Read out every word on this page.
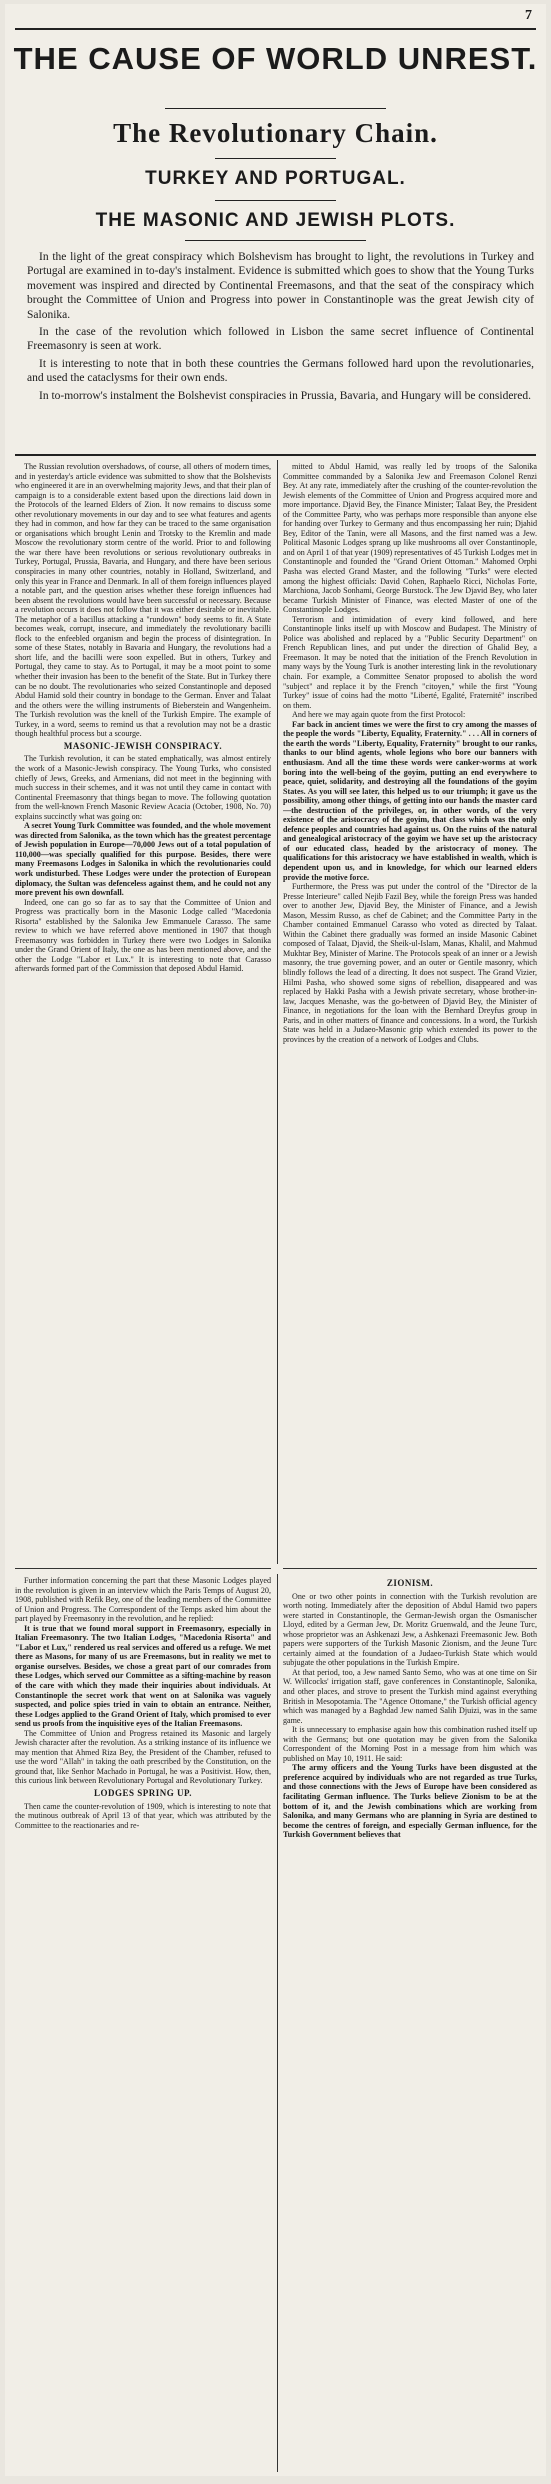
7
THE CAUSE OF WORLD UNREST.
The Revolutionary Chain.
TURKEY AND PORTUGAL.
THE MASONIC AND JEWISH PLOTS.

In the light of the great conspiracy which Bolshevism has brought to light, the revolutions in Turkey and Portugal are examined in to-day's instalment. Evidence is submitted which goes to show that the Young Turks movement was inspired and directed by Continental Freemasons, and that the seat of the conspiracy which brought the Committee of Union and Progress into power in Constantinople was the great Jewish city of Salonika.

In the case of the revolution which followed in Lisbon the same secret influence of Continental Freemasonry is seen at work.

It is interesting to note that in both these countries the Germans followed hard upon the revolutionaries, and used the cataclysms for their own ends.

In to-morrow's instalment the Bolshevist conspiracies in Prussia, Bavaria, and Hungary will be considered.

The Russian revolution overshadows, of course, all others of modern times, and in yesterday's article evidence was submitted to show that the Bolshevists who engineered it are in an overwhelming majority Jews, and that their plan of campaign is to a considerable extent based upon the directions laid down in the Protocols of the learned Elders of Zion. It now remains to discuss some other revolutionary movements in our day and to see what features and agents they had in common, and how far they can be traced to the same organisation or organisations which brought Lenin and Trotsky to the Kremlin and made Moscow the revolutionary storm centre of the world. Prior to and following the war there have been revolutions or serious revolutionary outbreaks in Turkey, Portugal, Prussia, Bavaria, and Hungary, and there have been serious conspiracies in many other countries, notably in Holland, Switzerland, and only this year in France and Denmark. In all of them foreign influences played a notable part, and the question arises whether these foreign influences had been absent the revolutions would have been successful or necessary. Because a revolution occurs it does not follow that it was either desirable or inevitable. The metaphor of a bacillus attacking a "rundown" body seems to fit. A State becomes weak, corrupt, insecure, and immediately the revolutionary bacilli flock to the enfeebled organism and begin the process of disintegration. In some of these States, notably in Bavaria and Hungary, the revolutions had a short life, and the bacilli were soon expelled. But in others, Turkey and Portugal, they came to stay. As to Portugal, it may be a moot point to some whether their invasion has been to the benefit of the State. But in Turkey there can be no doubt. The revolutionaries who seized Constantinople and deposed Abdul Hamid sold their country in bondage to the German. Enver and Talaat and the others were the willing instruments of Bieberstein and Wangenheim. The Turkish revolution was the knell of the Turkish Empire. The example of Turkey, in a word, seems to remind us that a revolution may not be a drastic though healthful process but a scourge.

MASONIC-JEWISH CONSPIRACY.

The Turkish revolution, it can be stated emphatically, was almost entirely the work of a Masonic-Jewish conspiracy. The Young Turks, who consisted chiefly of Jews, Greeks, and Armenians, did not meet in the beginning with much success in their schemes, and it was not until they came in contact with Continental Freemasonry that things began to move. The following quotation from the well-known French Masonic Review Acacia (October, 1908, No. 70) explains succinctly what was going on:

A secret Young Turk Committee was founded, and the whole movement was directed from Salonika, as the town which has the greatest percentage of Jewish population in Europe—70,000 Jews out of a total population of 110,000—was specially qualified for this purpose. Besides, there were many Freemasons Lodges in Salonika in which the revolutionaries could work undisturbed. These Lodges were under the protection of European diplomacy, the Sultan was defenceless against them, and he could not any more prevent his own downfall.

Indeed, one can go so far as to say that the Committee of Union and Progress was practically born in the Masonic Lodge called "Macedonia Risorta" established by the Salonika Jew Emmanuele Carasso. The same review to which we have referred above mentioned in 1907 that though Freemasonry was forbidden in Turkey there were two Lodges in Salonika under the Grand Orient of Italy, the one as has been mentioned above, and the other the Lodge "Labor et Lux." It is interesting to note that Carasso afterwards formed part of the Commission that deposed Abdul Hamid.

mitted to Abdul Hamid, was really led by troops of the Salonika Committee commanded by a Salonika Jew and Freemason Colonel Renzi Bey. At any rate, immediately after the crushing of the counter-revolution the Jewish elements of the Committee of Union and Progress acquired more and more importance. Djavid Bey, the Finance Minister; Talaat Bey, the President of the Committee Party, who was perhaps more responsible than anyone else for handing over Turkey to Germany and thus encompassing her ruin; Djahid Bey, Editor of the Tanin, were all Masons, and the first named was a Jew. Political Masonic Lodges sprang up like mushrooms all over Constantinople, and on April 1 of that year (1909) representatives of 45 Turkish Lodges met in Constantinople and founded the "Grand Orient Ottoman." Mahomed Orphi Pasha was elected Grand Master, and the following "Turks" were elected among the highest officials: David Cohen, Raphaelo Ricci, Nicholas Forte, Marchiona, Jacob Sonhami, George Burstock. The Jew Djavid Bey, who later became Turkish Minister of Finance, was elected Master of one of the Constantinople Lodges.

Terrorism and intimidation of every kind followed, and here Constantinople links itself up with Moscow and Budapest. The Ministry of Police was abolished and replaced by a "Public Security Department" on French Republican lines, and put under the direction of Ghalid Bey, a Freemason. It may be noted that the initiation of the French Revolution in many ways by the Young Turk is another interesting link in the revolutionary chain. For example, a Committee Senator proposed to abolish the word "subject" and replace it by the French "citoyen," while the first "Young Turkey" issue of coins had the motto "Liberté, Egalité, Fraternité" inscribed on them.

And here we may again quote from the first Protocol:

Far back in ancient times we were the first to cry among the masses of the people the words "Liberty, Equality, Fraternity." . . . All in corners of the earth the words "Liberty, Equality, Fraternity" brought to our ranks, thanks to our blind agents, whole legions who bore our banners with enthusiasm. And all the time these words were canker-worms at work boring into the well-being of the goyim, putting an end everywhere to peace, quiet, solidarity, and destroying all the foundations of the goyim States. As you will see later, this helped us to our triumph; it gave us the possibility, among other things, of getting into our hands the master card—the destruction of the privileges, or, in other words, of the very existence of the aristocracy of the goyim, that class which was the only defence peoples and countries had against us. On the ruins of the natural and genealogical aristocracy of the goyim we have set up the aristocracy of our educated class, headed by the aristocracy of money. The qualifications for this aristocracy we have established in wealth, which is dependent upon us, and in knowledge, for which our learned elders provide the motive force.

Furthermore, the Press was put under the control of the "Director de la Presse Interieure" called Nejib Fazil Bey, while the foreign Press was handed over to another Jew, Djavid Bey, the Minister of Finance, and a Jewish Mason, Messim Russo, as chef de Cabinet; and the Committee Party in the Chamber contained Emmanuel Carasso who voted as directed by Talaat. Within the Cabinet there gradually was formed an inside Masonic Cabinet composed of Talaat, Djavid, the Sheik-ul-Islam, Manas, Khalil, and Mahmud Mukhtar Bey, Minister of Marine. The Protocols speak of an inner or a Jewish masonry, the true governing power, and an outer or Gentile masonry, which blindly follows the lead of a directing. It does not suspect. The Grand Vizier, Hilmi Pasha, who showed some signs of rebellion, disappeared and was replaced by Hakki Pasha with a Jewish private secretary, whose brother-in-law, Jacques Menashe, was the go-between of Djavid Bey, the Minister of Finance, in negotiations for the loan with the Bernhard Dreyfus group in Paris, and in other matters of finance and concessions. In a word, the Turkish State was held in a Judaeo-Masonic grip which extended its power to the provinces by the creation of a network of Lodges and Clubs.

Further information concerning the part that these Masonic Lodges played in the revolution is given in an interview which the Paris Temps of August 20, 1908, published with Refik Bey, one of the leading members of the Committee of Union and Progress. The Correspondent of the Temps asked him about the part played by Freemasonry in the revolution, and he replied:

It is true that we found moral support in Freemasonry, especially in Italian Freemasonry. The two Italian Lodges, "Macedonia Risorta" and "Labor et Lux," rendered us real services and offered us a refuge. We met there as Masons, for many of us are Freemasons, but in reality we met to organise ourselves. Besides, we chose a great part of our comrades from these Lodges, which served our Committee as a sifting-machine by reason of the care with which they made their inquiries about individuals. At Constantinople the secret work that went on at Salonika was vaguely suspected, and police spies tried in vain to obtain an entrance. Neither, these Lodges applied to the Grand Orient of Italy, which promised to ever send us proofs from the inquisitive eyes of the Italian Freemasons.

The Committee of Union and Progress retained its Masonic and largely Jewish character after the revolution. As a striking instance of its influence we may mention that Ahmed Riza Bey, the President of the Chamber, refused to use the word "Allah" in taking the oath prescribed by the Constitution, on the ground that, like Senhor Machado in Portugal, he was a Positivist. How, then, this curious link between Revolutionary Portugal and Revolutionary Turkey.

LODGES SPRING UP.

Then came the counter-revolution of 1909, which is interesting to note that the mutinous outbreak of April 13 of that year, which was attributed by the Committee to the reactionaries and re-

ZIONISM.

One or two other points in connection with the Turkish revolution are worth noting. Immediately after the deposition of Abdul Hamid two papers were started in Constantinople, the German-Jewish organ the Osmanischer Lloyd, edited by a German Jew, Dr. Moritz Gruenwald, and the Jeune Turc, whose proprietor was an Ashkenazi Jew, a Ashkenazi Freemasonic Jew. Both papers were supporters of the Turkish Masonic Zionism, and the Jeune Turc certainly aimed at the foundation of a Judaeo-Turkish State which would subjugate the other populations in the Turkish Empire.

At that period, too, a Jew named Santo Semo, who was at one time on Sir W. Willcocks' irrigation staff, gave conferences in Constantinople, Salonika, and other places, and strove to present the Turkish mind against everything British in Mesopotamia. The "Agence Ottomane," the Turkish official agency which was managed by a Baghdad Jew named Salih Djuizi, was in the same game.

It is unnecessary to emphasise again how this combination rushed itself up with the Germans; but one quotation may be given from the Salonika Correspondent of the Morning Post in a message from him which was published on May 10, 1911. He said:

The army officers and the Young Turks have been disgusted at the preference acquired by individuals who are not regarded as true Turks, and those connections with the Jews of Europe have been considered as facilitating German influence. The Turks believe Zionism to be at the bottom of it, and the Jewish combinations which are working from Salonika, and many Germans who are planning in Syria are destined to become the centres of foreign, and especially German influence, for the Turkish Government believes that
